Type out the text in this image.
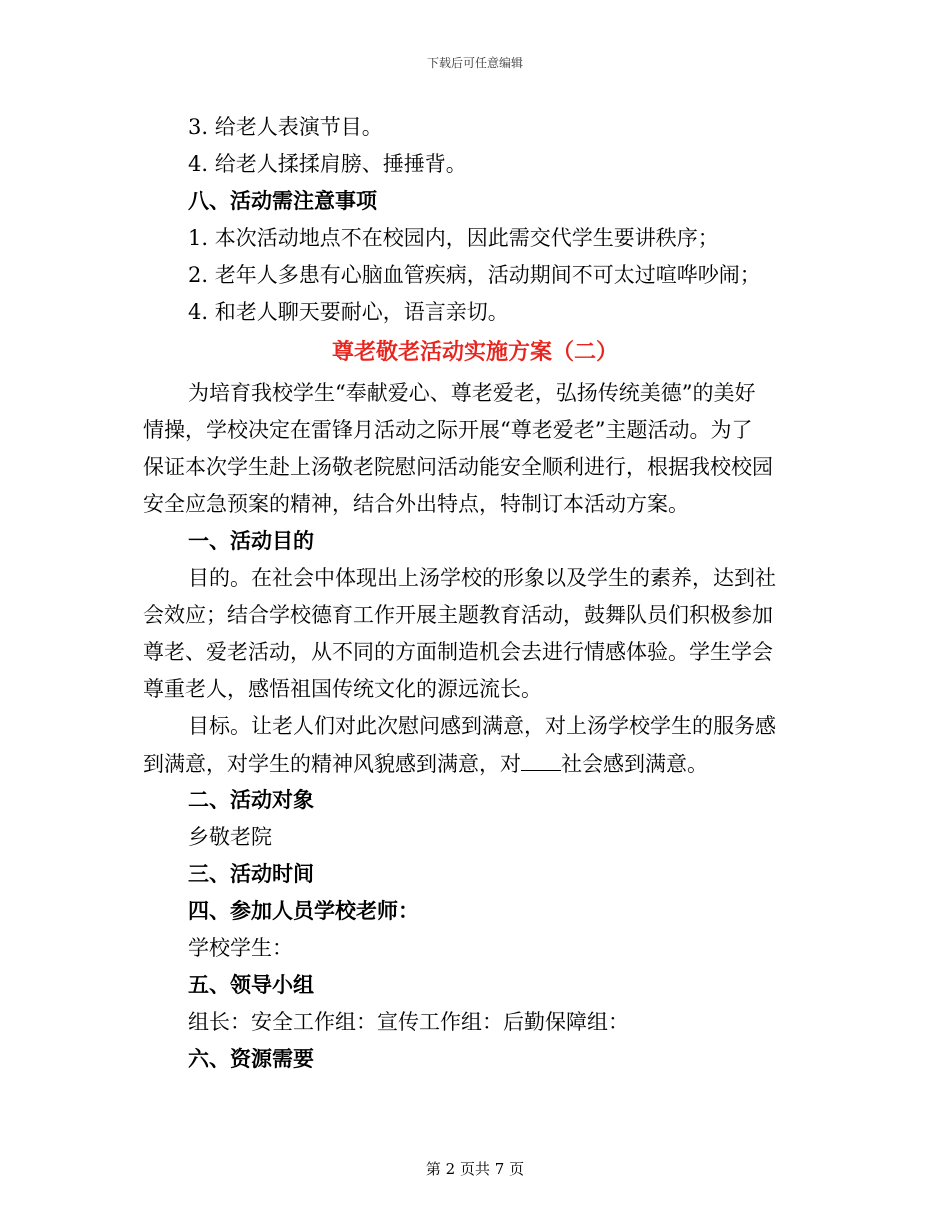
下载后可任意编辑
3. 给老人表演节目。
4. 给老人揉揉肩膀、捶捶背。
八、活动需注意事项
1. 本次活动地点不在校园内，因此需交代学生要讲秩序；
2. 老年人多患有心脑血管疾病，活动期间不可太过喧哗吵闹；
4. 和老人聊天要耐心，语言亲切。
尊老敬老活动实施方案（二）
为培育我校学生“奉献爱心、尊老爱老，弘扬传统美德”的美好
情操，学校决定在雷锋月活动之际开展“尊老爱老”主题活动。为了
保证本次学生赴上汤敬老院慰问活动能安全顺利进行，根据我校校园
安全应急预案的精神，结合外出特点，特制订本活动方案。
一、活动目的
目的。在社会中体现出上汤学校的形象以及学生的素养，达到社
会效应；结合学校德育工作开展主题教育活动，鼓舞队员们积极参加
尊老、爱老活动，从不同的方面制造机会去进行情感体验。学生学会
尊重老人，感悟祖国传统文化的源远流长。
目标。让老人们对此次慰问感到满意，对上汤学校学生的服务感
到满意，对学生的精神风貌感到满意，对 社会感到满意。
二、活动对象
乡敬老院
三、活动时间
四、参加人员学校老师：
学校学生：
五、领导小组
组长：安全工作组：宣传工作组：后勤保障组：
六、资源需要
第 2 页共 7 页
